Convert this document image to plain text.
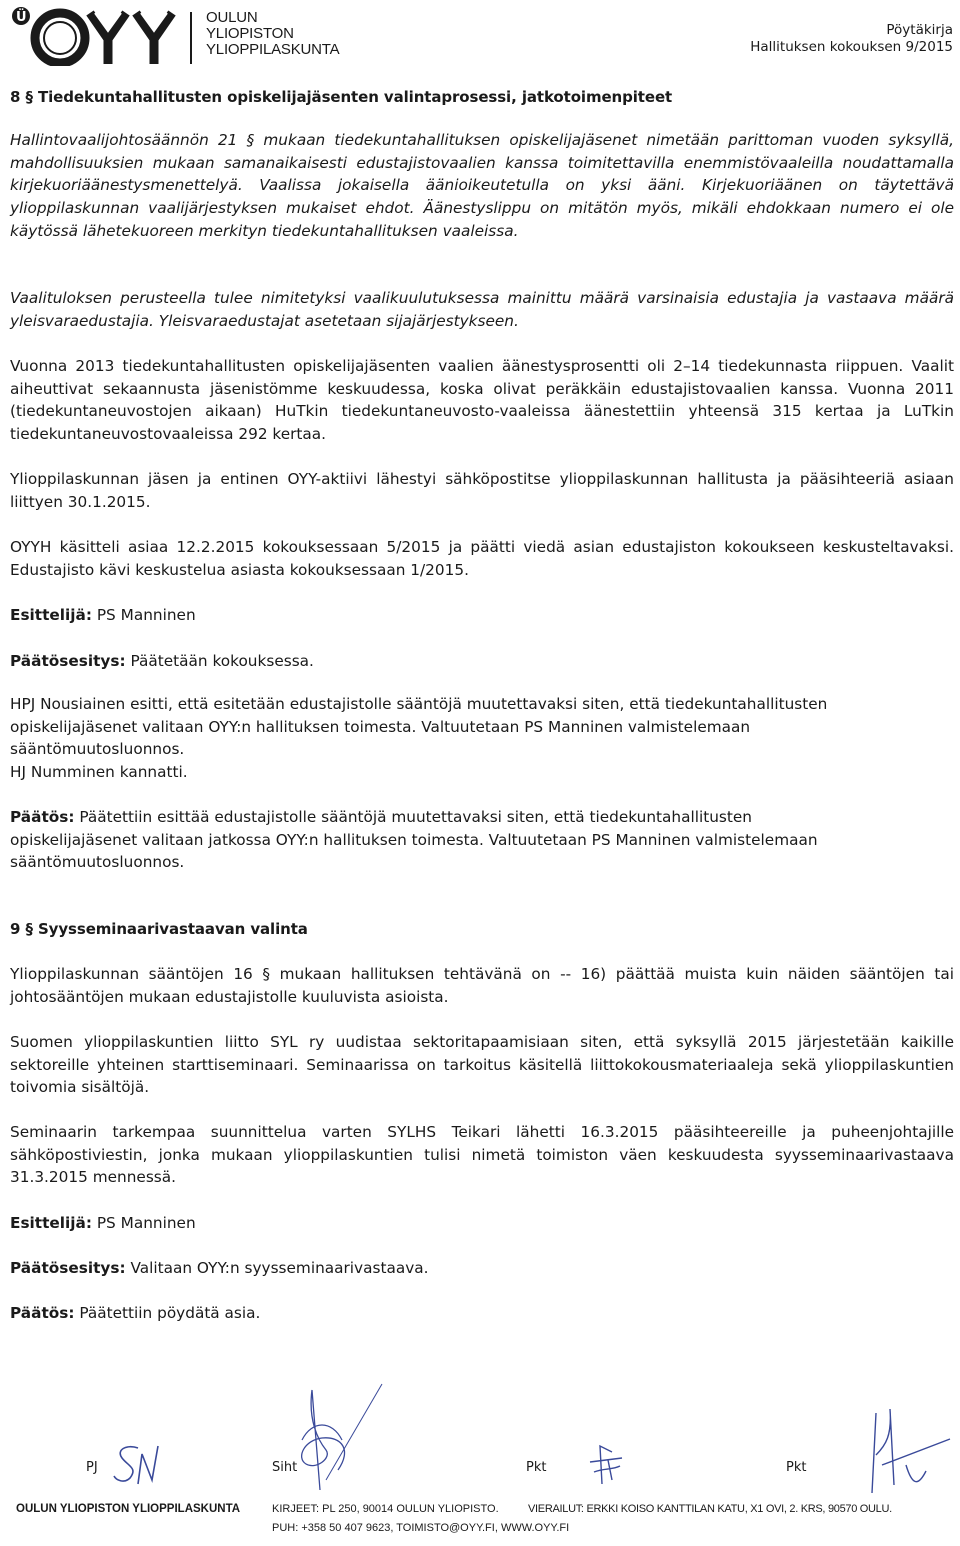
Ü	OULUN
YLIOPISTON
YLIOPPILASKUNTA
Pöytäkirja
Hallituksen kokouksen 9/2015
8 § Tiedekuntahallitusten opiskelijajäsenten valintaprosessi, jatkotoimenpiteet
Hallintovaalijohtosäännön 21 § mukaan tiedekuntahallituksen opiskelijajäsenet nimetään parittoman vuoden syksyllä, mahdollisuuksien mukaan samanaikaisesti edustajistovaalien kanssa toimitettavilla enemmistövaaleilla noudattamalla kirjekuoriäänestysmenettelyä. Vaalissa jokaisella äänioikeutetulla on yksi ääni. Kirjekuoriäänen on täytettävä ylioppilaskunnan vaalijärjestyksen mukaiset ehdot. Äänestyslippu on mitätön myös, mikäli ehdokkaan numero ei ole käytössä lähetekuoreen merkityn tiedekuntahallituksen vaaleissa.
Vaalituloksen perusteella tulee nimitetyksi vaalikuulutuksessa mainittu määrä varsinaisia edustajia ja vastaava määrä yleisvaraedustajia. Yleisvaraedustajat asetetaan sijajärjestykseen.
Vuonna 2013 tiedekuntahallitusten opiskelijajäsenten vaalien äänestysprosentti oli 2–14 tiedekunnasta riippuen. Vaalit aiheuttivat sekaannusta jäsenistömme keskuudessa, koska olivat peräkkäin edustajistovaalien kanssa. Vuonna 2011 (tiedekuntaneuvostojen aikaan) HuTkin tiedekuntaneuvosto-vaaleissa äänestettiin yhteensä 315 kertaa ja LuTkin tiedekuntaneuvostovaaleissa 292 kertaa.
Ylioppilaskunnan jäsen ja entinen OYY-aktiivi lähestyi sähköpostitse ylioppilaskunnan hallitusta ja pääsihteeriä asiaan liittyen 30.1.2015.
OYYH käsitteli asiaa 12.2.2015 kokouksessaan 5/2015 ja päätti viedä asian edustajiston kokoukseen keskusteltavaksi. Edustajisto kävi keskustelua asiasta kokouksessaan 1/2015.
Esittelijä: PS Manninen
Päätösesitys: Päätetään kokouksessa.
HPJ Nousiainen esitti, että esitetään edustajistolle sääntöjä muutettavaksi siten, että tiedekuntahallitusten
opiskelijajäsenet valitaan OYY:n hallituksen toimesta. Valtuutetaan PS Manninen valmistelemaan
sääntömuutosluonnos.
HJ Numminen kannatti.
Päätös: Päätettiin esittää edustajistolle sääntöjä muutettavaksi siten, että tiedekuntahallitusten
opiskelijajäsenet valitaan jatkossa OYY:n hallituksen toimesta. Valtuutetaan PS Manninen valmistelemaan
sääntömuutosluonnos.
9 § Syysseminaarivastaavan valinta
Ylioppilaskunnan sääntöjen 16 § mukaan hallituksen tehtävänä on -- 16) päättää muista kuin näiden sääntöjen tai johtosääntöjen mukaan edustajistolle kuuluvista asioista.
Suomen ylioppilaskuntien liitto SYL ry uudistaa sektoritapaamisiaan siten, että syksyllä 2015 järjestetään kaikille sektoreille yhteinen starttiseminaari. Seminaarissa on tarkoitus käsitellä liittokokousmateriaaleja sekä ylioppilaskuntien toivomia sisältöjä.
Seminaarin tarkempaa suunnittelua varten SYLHS Teikari lähetti 16.3.2015 pääsihteereille ja puheenjohtajille sähköpostiviestin, jonka mukaan ylioppilaskuntien tulisi nimetä toimiston väen keskuudesta syysseminaarivastaava 31.3.2015 mennessä.
Esittelijä: PS Manninen
Päätösesitys: Valitaan OYY:n syysseminaarivastaava.
Päätös: Päätettiin pöydätä asia.
PJ	Siht	Pkt	Pkt
OULUN YLIOPISTON YLIOPPILASKUNTA	KIRJEET: PL 250, 90014 OULUN YLIOPISTO.	VIERAILUT: ERKKI KOISO KANTTILAN KATU, X1 OVI, 2. KRS, 90570 OULU.
PUH: +358 50 407 9623, TOIMISTO@OYY.FI, WWW.OYY.FI
